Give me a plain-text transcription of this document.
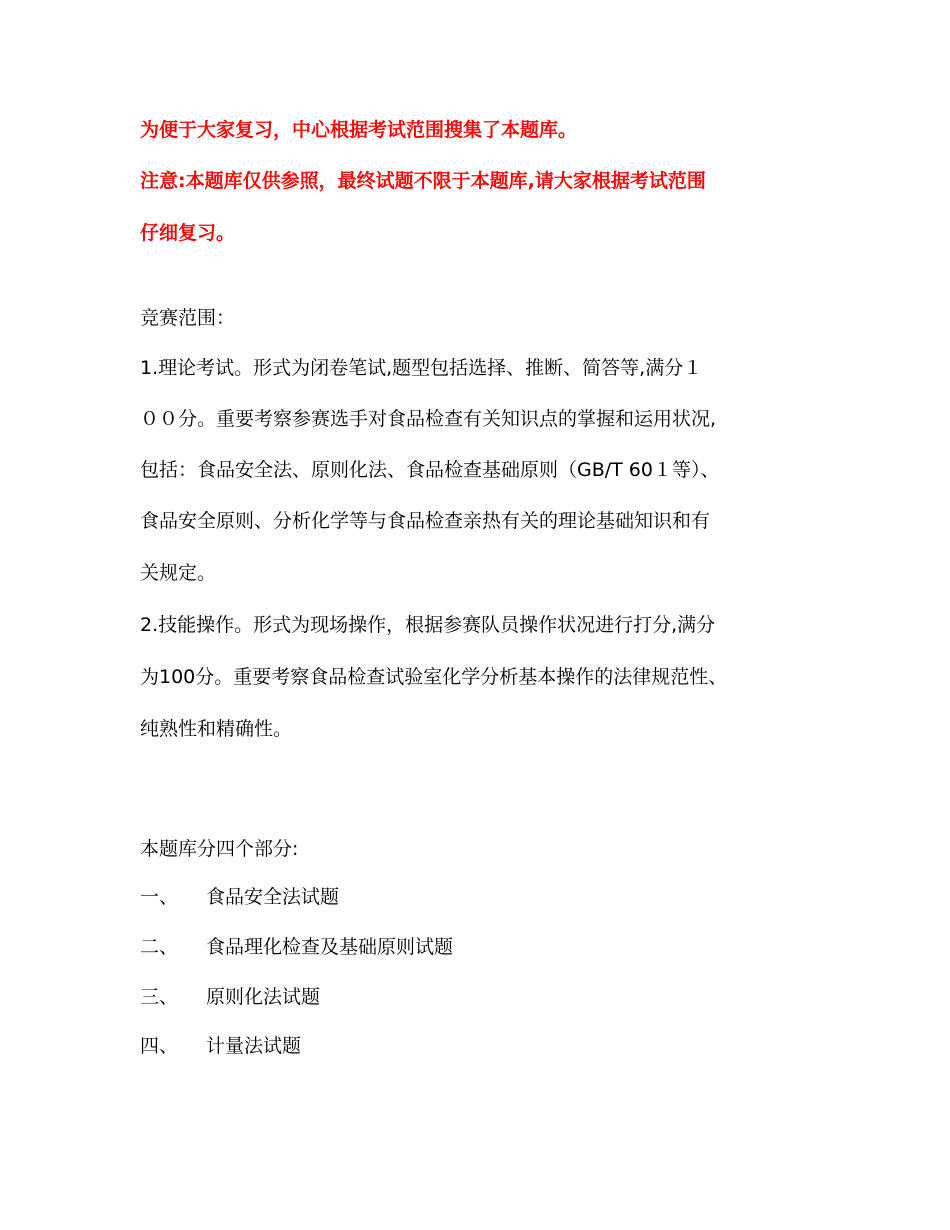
为便于大家复习，中心根据考试范围搜集了本题库。
注意:本题库仅供参照，最终试题不限于本题库,请大家根据考试范围
仔细复习。
竞赛范围：
1.理论考试。形式为闭卷笔试,题型包括选择、推断、简答等,满分１
００分。重要考察参赛选手对食品检查有关知识点的掌握和运用状况,
包括：食品安全法、原则化法、食品检查基础原则（GB/T 60１等）、
食品安全原则、分析化学等与食品检查亲热有关的理论基础知识和有
关规定。
2.技能操作。形式为现场操作，根据参赛队员操作状况进行打分,满分
为100分。重要考察食品检查试验室化学分析基本操作的法律规范性、
纯熟性和精确性。
本题库分四个部分:
一、 食品安全法试题
二、 食品理化检查及基础原则试题
三、 原则化法试题
四、 计量法试题
